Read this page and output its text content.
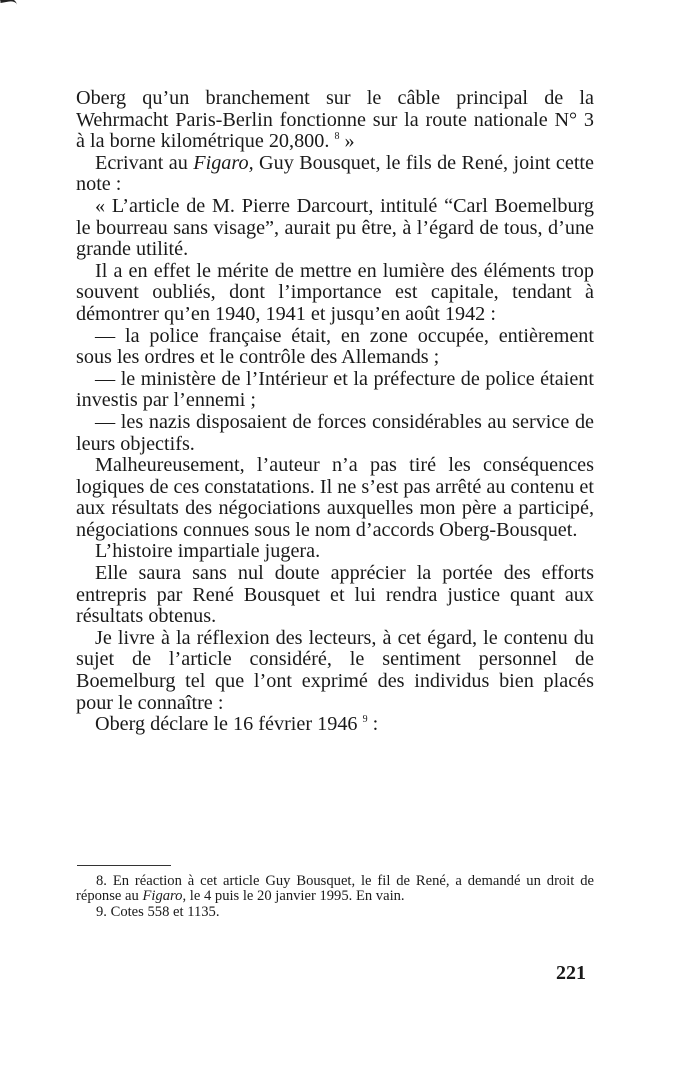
Oberg qu’un branchement sur le câble principal de la Wehrmacht Paris-Berlin fonctionne sur la route nationale N° 3 à la borne kilométrique 20,800. $^8$ »

Ecrivant au Figaro, Guy Bousquet, le fils de René, joint cette note :

« L’article de M. Pierre Darcourt, intitulé “Carl Boemelburg le bourreau sans visage”, aurait pu être, à l’égard de tous, d’une grande utilité.

Il a en effet le mérite de mettre en lumière des éléments trop souvent oubliés, dont l’importance est capitale, tendant à démontrer qu’en 1940, 1941 et jusqu’en août 1942 :

— la police française était, en zone occupée, entièrement sous les ordres et le contrôle des Allemands ;

— le ministère de l’Intérieur et la préfecture de police étaient investis par l’ennemi ;

— les nazis disposaient de forces considérables au service de leurs objectifs.

Malheureusement, l’auteur n’a pas tiré les conséquences logiques de ces constatations. Il ne s’est pas arrêté au contenu et aux résultats des négociations auxquelles mon père a participé, négociations connues sous le nom d’accords Oberg-Bousquet.

L’histoire impartiale jugera.

Elle saura sans nul doute apprécier la portée des efforts entrepris par René Bousquet et lui rendra justice quant aux résultats obtenus.

Je livre à la réflexion des lecteurs, à cet égard, le contenu du sujet de l’article considéré, le sentiment personnel de Boemelburg tel que l’ont exprimé des individus bien placés pour le connaître :

Oberg déclare le 16 février 1946 $^9$ :

8. En réaction à cet article Guy Bousquet, le fil de René, a demandé un droit de réponse au Figaro, le 4 puis le 20 janvier 1995. En vain.

9. Cotes 558 et 1135.

221
